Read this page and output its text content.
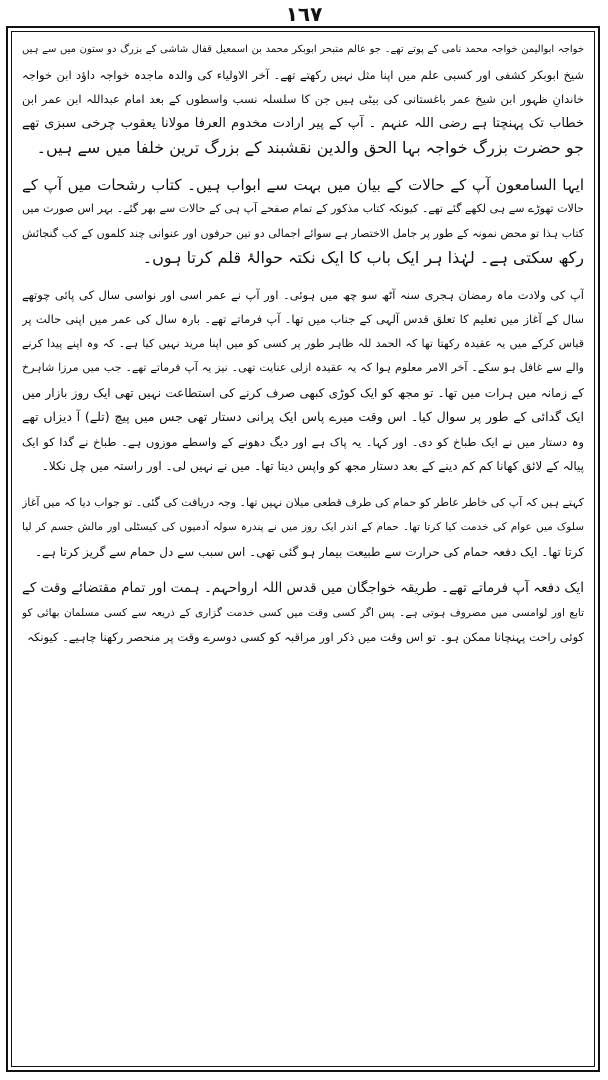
١٦٧
خواجہ ابوالیمن خواجہ محمد نامی کے پوتے تھے۔ جو عالم متبحر ابوبکر محمد بن اسمعیل قفال شاشی کے بزرگ دو ستون میں سے ہیں
شیخ ابوبکر کشفی اور کسبی علم میں اپنا مثل نہیں رکھتے تھے۔ آخر الاولیاء کی والدہ ماجدہ خواجہ داؤد ابن خواجہ
خاندانِ ظہور ابن شیخ عمر باغستانی کی بیٹی ہیں جن کا سلسلہ نسب واسطوں کے بعد امام عبداللہ ابن عمر ابن
خطاب تک پہنچتا ہے رضی اللہ عنہم ۔ آپ کے پیر ارادت مخدوم العرفا مولانا یعقوب چرخی سبزی تھے
جو حضرت بزرگ خواجہ بہا الحق والدین نقشبند کے بزرگ ترین خلفا میں سے ہیں۔
ایہا السامعون آپ کے حالات کے بیان میں بہت سے ابواب ہیں۔ کتاب رشحات میں آپ کے
حالات تھوڑے سے ہی لکھے گئے تھے۔ کیونکہ کتاب مذکور کے تمام صفحے آپ ہی کے حالات سے بھر گئے۔ بہر اس صورت میں
کتاب ہذا تو محض نمونہ کے طور پر جامل الاختصار ہے سوائے اجمالی دو تین حرفوں اور عنوانی چند کلموں کے کب گنجائش
رکھ سکتی ہے۔ لہٰذا ہر ایک باب کا ایک نکتہ حوالۂ قلم کرتا ہوں۔
آپ کی ولادت ماہ رمضان ہجری سنہ آٹھ سو چھ میں ہوئی۔ اور آپ نے عمر اسی اور نواسی سال کی پائی چوتھے
سال کے آغاز میں تعلیم کا تعلق قدس آلہی کے جناب میں تھا۔ آپ فرماتے تھے۔ بارہ سال کی عمر میں اپنی حالت پر
قیاس کرکے میں یہ عقیدہ رکھتا تھا کہ الحمد للہ ظاہر طور پر کسی کو میں اپنا مرید نہیں کیا ہے۔ کہ وہ اپنے پیدا کرنے
والے سے غافل ہو سکے۔ آخر الامر معلوم ہوا کہ یہ عقیدہ ازلی عنایت تھی۔ نیز یہ آپ فرماتے تھے۔ جب میں مرزا شاہرخ
کے زمانہ میں ہرات میں تھا۔ تو مجھ کو ایک کوڑی کبھی صرف کرنے کی استطاعت نہیں تھی ایک روز بازار میں
ایک گدائی کے طور پر سوال کیا۔ اس وقت میرے پاس ایک پرانی دستار تھی جس میں پیچ (تلے) آ دیزاں تھے
وہ دستار میں نے ایک طباخ کو دی۔ اور کہا۔ یہ پاک ہے اور دیگ دھونے کے واسطے موزوں ہے۔ طباخ نے گدا کو ایک
پیالہ کے لائق کھانا کم کم دینے کے بعد دستار مجھ کو واپس دیتا تھا۔ میں نے نہیں لی۔ اور راستہ میں چل نکلا۔
کہتے ہیں کہ آپ کی خاطر عاطر کو حمام کی طرف قطعی میلان نہیں تھا۔ وجہ دریافت کی گئی۔ تو جواب دیا کہ میں آغاز
سلوک میں عوام کی خدمت کیا کرتا تھا۔ حمام کے اندر ایک روز میں نے پندرہ سولہ آدمیوں کی کیسٹلی اور مالش جسم کر لیا
کرتا تھا۔ ایک دفعہ حمام کی حرارت سے طبیعت بیمار ہو گئی تھی۔ اس سبب سے دل حمام سے گریز کرتا ہے۔
ایک دفعہ آپ فرماتے تھے۔ طریقہ خواجگان میں قدس اللہ ارواحہم۔ ہمت اور تمام مقتضائے وقت کے
تابع اور لوامسی میں مصروف ہوتی ہے۔ پس اگر کسی وقت میں کسی خدمت گزاری کے ذریعہ سے کسی مسلمان بھائی کو
کوئی راحت پہنچانا ممکن ہو۔ تو اس وقت میں ذکر اور مراقبہ کو کسی دوسرے وقت پر منحصر رکھنا چاہیے۔ کیونکہ
